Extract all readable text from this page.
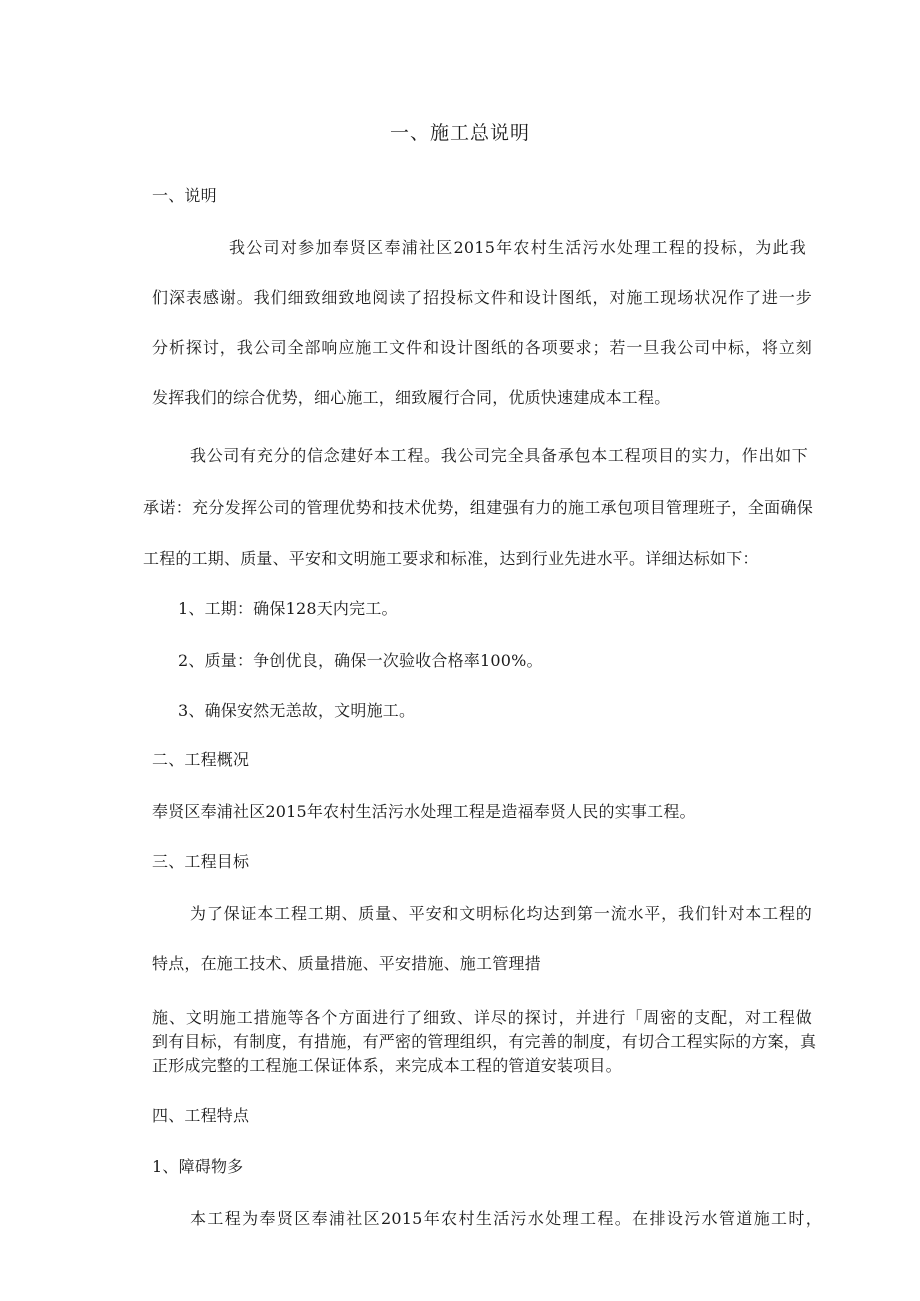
一、施工总说明
一、说明
我公司对参加奉贤区奉浦社区2015年农村生活污水处理工程的投标，为此我
们深表感谢。我们细致细致地阅读了招投标文件和设计图纸，对施工现场状况作了进一步
分析探讨，我公司全部响应施工文件和设计图纸的各项要求；若一旦我公司中标，将立刻
发挥我们的综合优势，细心施工，细致履行合同，优质快速建成本工程。
我公司有充分的信念建好本工程。我公司完全具备承包本工程项目的实力，作出如下
承诺：充分发挥公司的管理优势和技术优势，组建强有力的施工承包项目管理班子，全面确保
工程的工期、质量、平安和文明施工要求和标准，达到行业先进水平。详细达标如下：
1、工期：确保128天内完工。
2、质量：争创优良，确保一次验收合格率100%。
3、确保安然无恙故，文明施工。
二、工程概况
奉贤区奉浦社区2015年农村生活污水处理工程是造福奉贤人民的实事工程。
三、工程目标
为了保证本工程工期、质量、平安和文明标化均达到第一流水平，我们针对本工程的
特点，在施工技术、质量措施、平安措施、施工管理措
施、文明施工措施等各个方面进行了细致、详尽的探讨，并进行「周密的支配，对工程做
到有目标，有制度，有措施，有严密的管理组织，有完善的制度，有切合工程实际的方案，真
正形成完整的工程施工保证体系，来完成本工程的管道安装项目。
四、工程特点
1、障碍物多
本工程为奉贤区奉浦社区2015年农村生活污水处理工程。在排设污水管道施工时，
